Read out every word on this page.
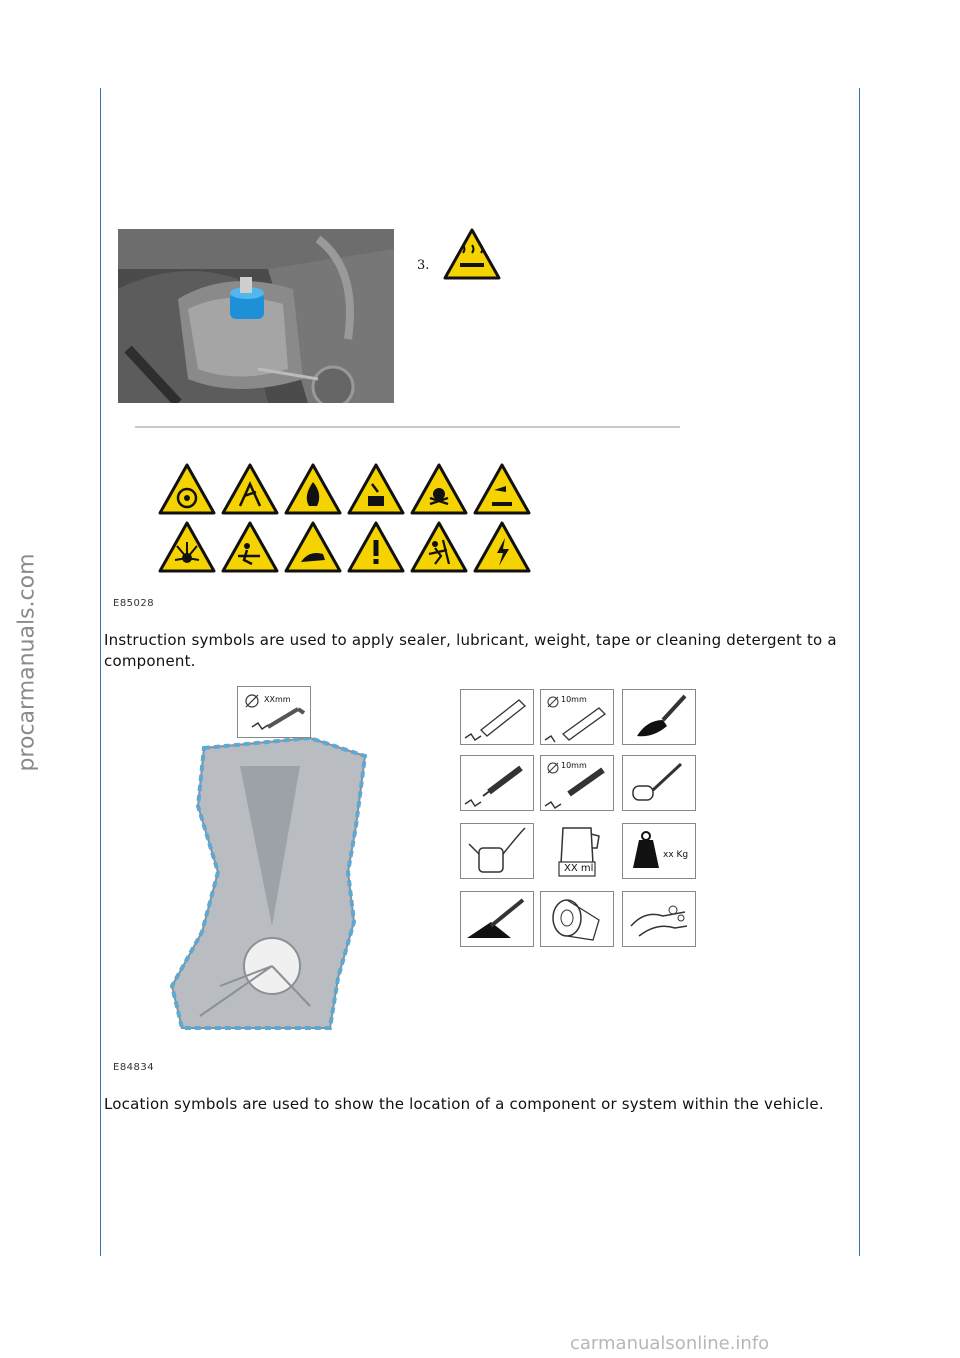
procarmanuals.com
carmanualsonline.info
3.
E85028
Instruction symbols are used to apply sealer, lubricant, weight, tape or cleaning detergent to a component.
XXmm	10mm
10mm
XX ml
xx Kg
E84834
Location symbols are used to show the location of a component or system within the vehicle.
